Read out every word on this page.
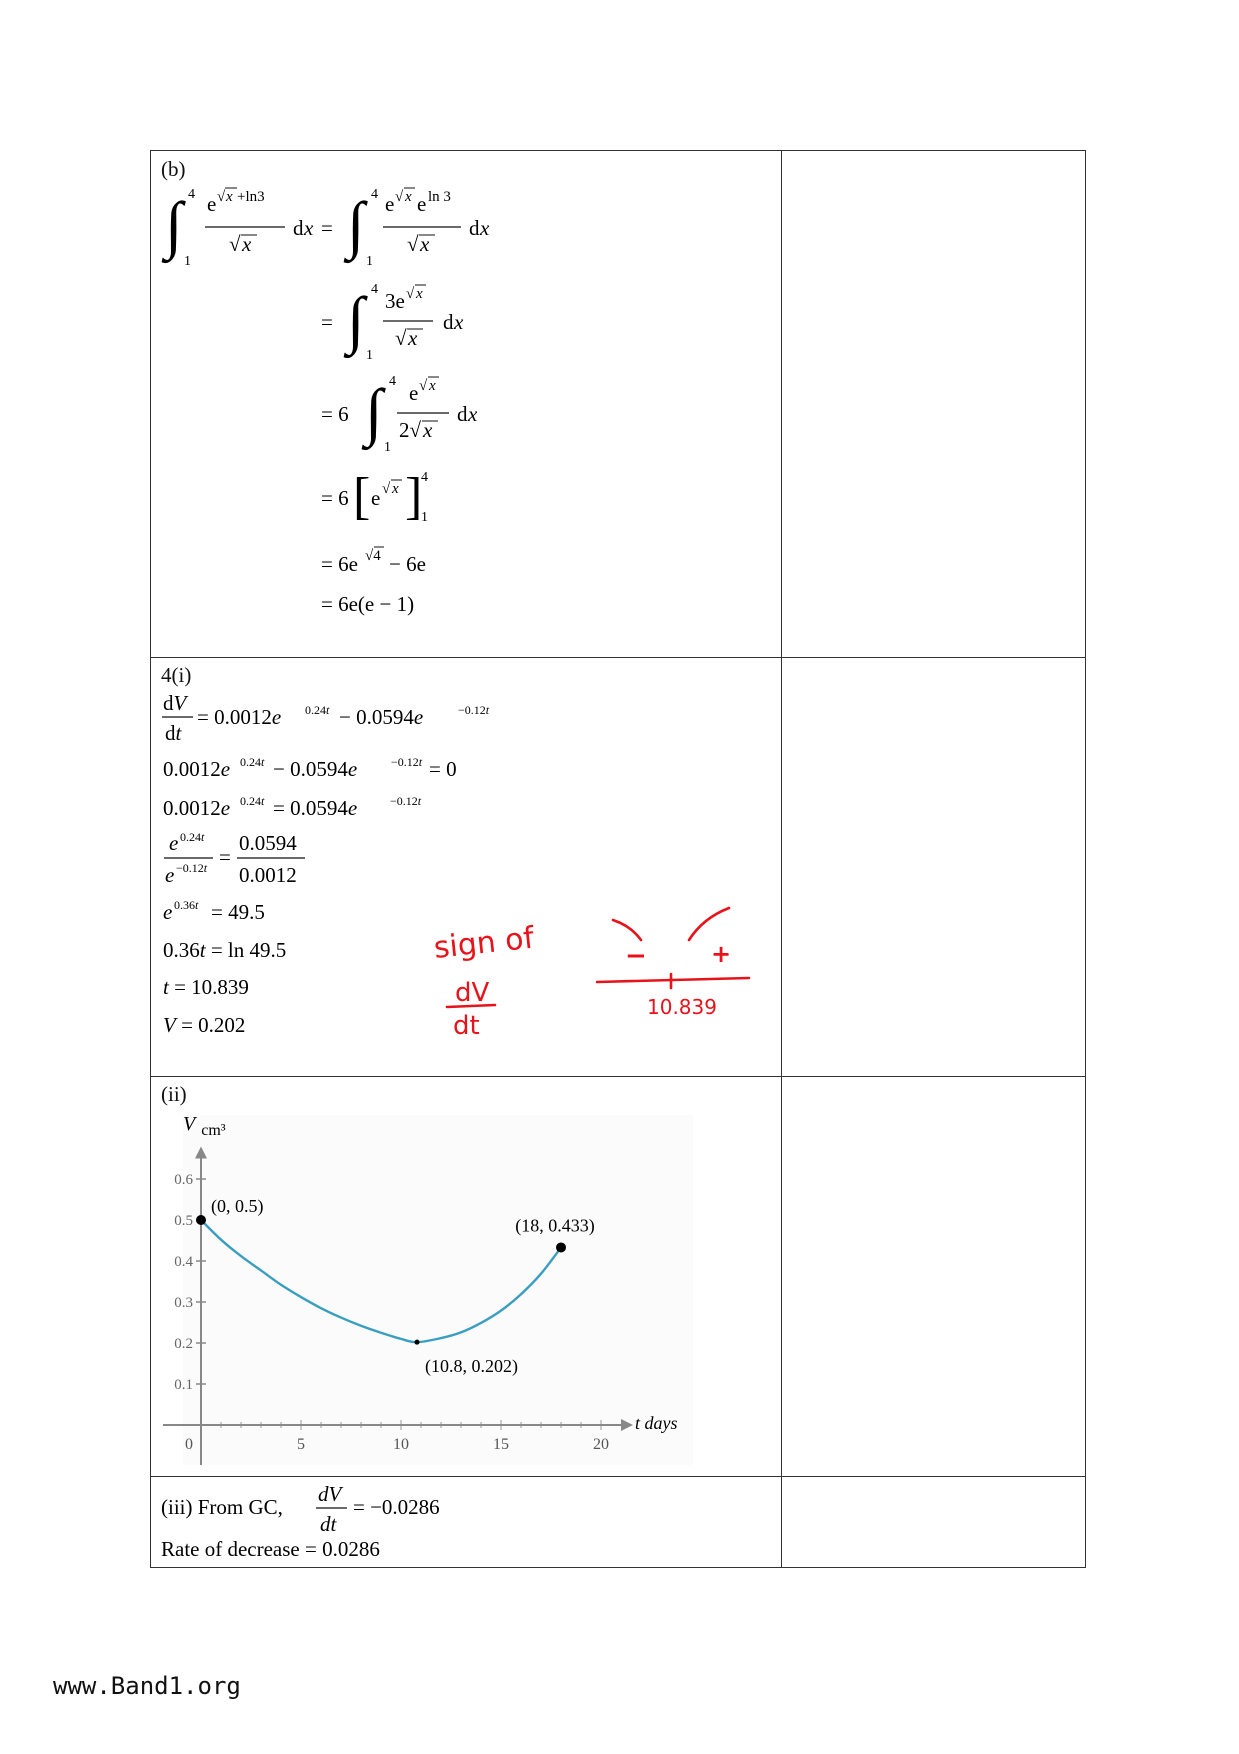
(b)
∫ 4
1
e √ x +ln3
√ x
d x = ∫ 4
1
e √ x e ln 3
√ x
d x
= ∫ 4
1
3e √ x
√ x
d x
= 6 ∫ 4
1
e √ x
2√ x
d x
= 6 [ e √ x ]
4
1
= 6e √4 − 6e
= 6e(e − 1)
4(i)
dV
dt
= 0.0012e 0.24t − 0.0594e	−0.12t
0.0012e 0.24t − 0.0594e	−0.12t = 0
0.0012e 0.24t = 0.0594e	−0.12t
e 0.24t
e −0.12t =
0.0594
0.0012
e 0.36t = 49.5
0.36t = ln 49.5
t = 10.839
V = 0.202
sign of
dV
dt
−	+
10.839
(ii)
0.1
0.2
0.3
0.4
0.5
0.6
0	5	10	15	20
V $_{cm^3}$
t days
(0, 0.5)
(10.8, 0.202)
(18, 0.433)
(iii) From GC,
dV
dt
= −0.0286
Rate of decrease = 0.0286
www.Band1.org
